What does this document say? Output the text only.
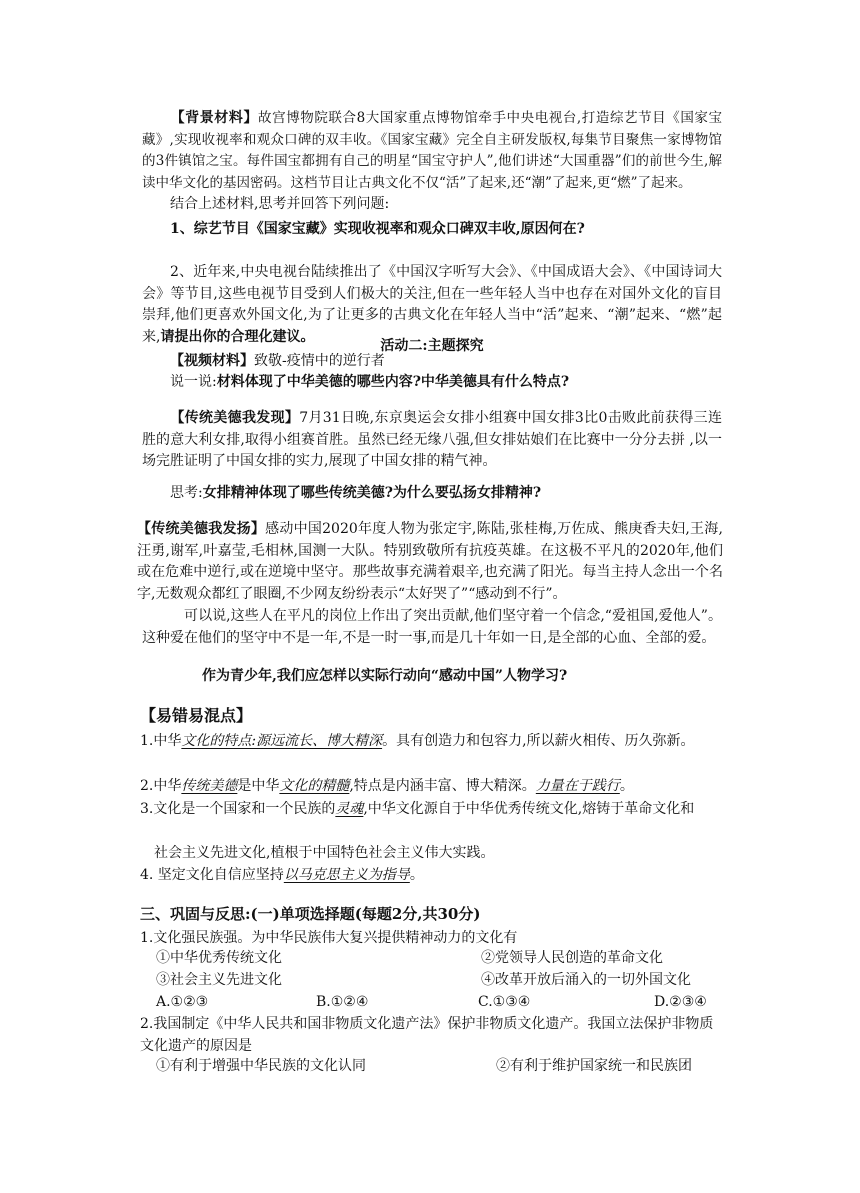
【背景材料】故宫博物院联合8大国家重点博物馆牵手中央电视台,打造综艺节目《国家宝藏》,实现收视率和观众口碑的双丰收。《国家宝藏》完全自主研发版权,每集节目聚焦一家博物馆的3件镇馆之宝。每件国宝都拥有自己的明星“国宝守护人”,他们讲述“大国重器”们的前世今生,解读中华文化的基因密码。这档节目让古典文化不仅“活”了起来,还“潮”了起来,更“燃”了起来。

结合上述材料,思考并回答下列问题:

1、综艺节目《国家宝藏》实现收视率和观众口碑双丰收,原因何在?

2、近年来,中央电视台陆续推出了《中国汉字听写大会》、《中国成语大会》、《中国诗词大会》等节目,这些电视节目受到人们极大的关注,但在一些年轻人当中也存在对国外文化的盲目崇拜,他们更喜欢外国文化,为了让更多的古典文化在年轻人当中“活”起来、“潮”起来、“燃”起来,请提出你的合理化建议。

活动二:主题探究

【视频材料】致敬-疫情中的逆行者

说一说:材料体现了中华美德的哪些内容?中华美德具有什么特点?

【传统美德我发现】7月31日晚,东京奥运会女排小组赛中国女排3比0击败此前获得三连胜的意大利女排,取得小组赛首胜。虽然已经无缘八强,但女排姑娘们在比赛中一分分去拼 ,以一场完胜证明了中国女排的实力,展现了中国女排的精气神。

思考:女排精神体现了哪些传统美德?为什么要弘扬女排精神?

【传统美德我发扬】感动中国2020年度人物为张定宇,陈陆,张桂梅,万佐成、熊庚香夫妇,王海,汪勇,谢军,叶嘉莹,毛相林,国测一大队。特别致敬所有抗疫英雄。在这极不平凡的2020年,他们或在危难中逆行,或在逆境中坚守。那些故事充满着艰辛,也充满了阳光。每当主持人念出一个名字,无数观众都红了眼圈,不少网友纷纷表示“太好哭了”“感动到不行”。

可以说,这些人在平凡的岗位上作出了突出贡献,他们坚守着一个信念,“爱祖国,爱他人”。这种爱在他们的坚守中不是一年,不是一时一事,而是几十年如一日,是全部的心血、全部的爱。

作为青少年,我们应怎样以实际行动向“感动中国”人物学习?

【易错易混点】

1.中华文化的特点:源远流长、博大精深。具有创造力和包容力,所以薪火相传、历久弥新。

2.中华传统美德是中华文化的精髓,特点是内涵丰富、博大精深。力量在于践行。

3.文化是一个国家和一个民族的灵魂,中华文化源自于中华优秀传统文化,熔铸于革命文化和

社会主义先进文化,植根于中国特色社会主义伟大实践。

4. 坚定文化自信应坚持以马克思主义为指导。

三、巩固与反思:(一)单项选择题(每题2分,共30分)

1.文化强民族强。为中华民族伟大复兴提供精神动力的文化有

①中华优秀传统文化	②党领导人民创造的革命文化
③社会主义先进文化	④改革开放后涌入的一切外国文化
A.①②③	B.①②④	C.①③④	D.②③④

2.我国制定《中华人民共和国非物质文化遗产法》保护非物质文化遗产。我国立法保护非物质文化遗产的原因是

①有利于增强中华民族的文化认同	②有利于维护国家统一和民族团
